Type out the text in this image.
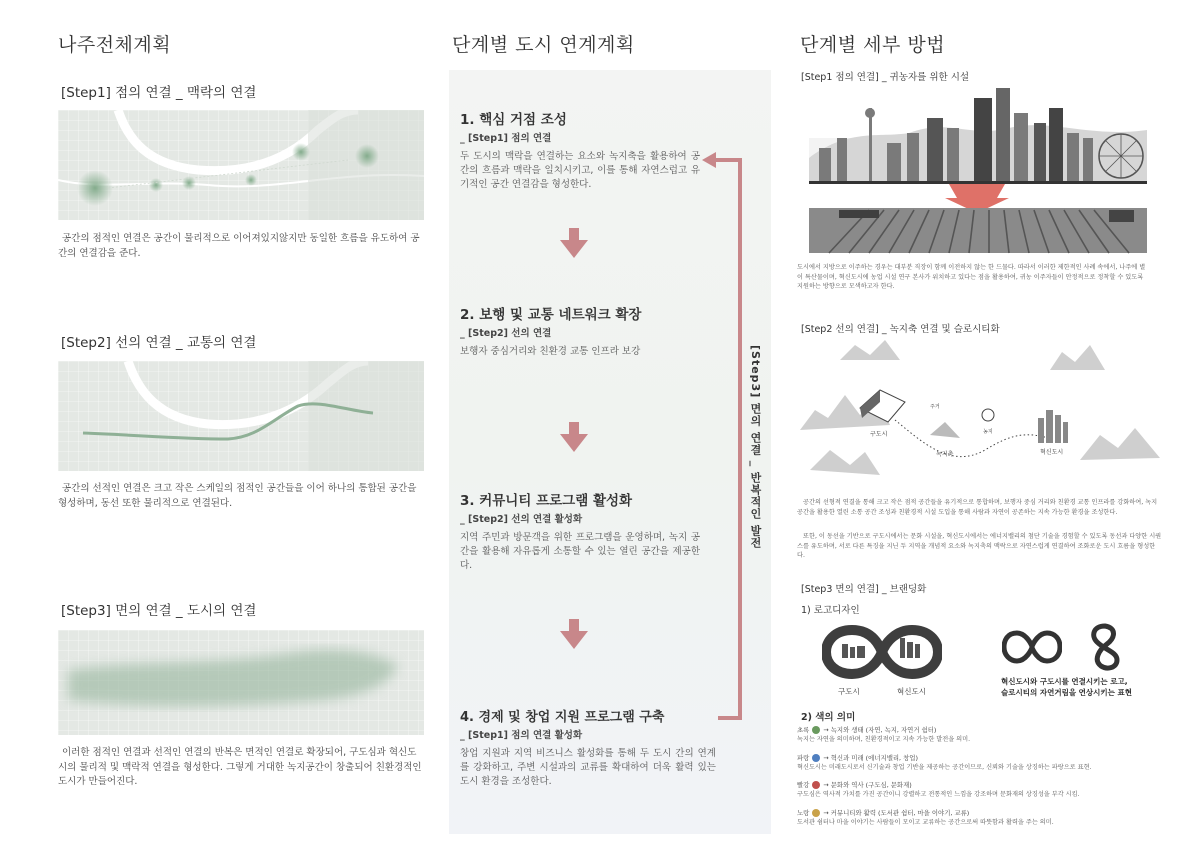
나주전체계획
[Step1] 점의 연결 _ 맥락의 연결
공간의 점적인 연결은 공간이 물리적으로 이어져있지않지만 동일한 흐름을 유도하여 공간의 연결감을 준다.
[Step2] 선의 연결 _ 교통의 연결
공간의 선적인 연결은 크고 작은 스케일의 점적인 공간들을 이어 하나의 통합된 공간을 형성하며, 동선 또한 물리적으로 연결된다.
[Step3] 면의 연결 _ 도시의 연결
이러한 점적인 연결과 선적인 연결의 반복은 면적인 연결로 확장되어, 구도심과 혁신도시의 물리적 및 맥락적 연결을 형성한다. 그렇게 거대한 녹지공간이 창출되어 친환경적인 도시가 만들어진다.
단계별 도시 연계계획
1. 핵심 거점 조성
_ [Step1] 점의 연결
두 도시의 맥락을 연결하는 요소와 녹지축을 활용하여 공간의 흐름과 맥락을 일치시키고, 이를 통해 자연스럽고 유기적인 공간 연결감을 형성한다.
2. 보행 및 교통 네트워크 확장
_ [Step2] 선의 연결
보행자 중심거리와 친환경 교통 인프라 보강
3. 커뮤니티 프로그램 활성화
_ [Step2] 선의 연결 활성화
지역 주민과 방문객을 위한 프로그램을 운영하며, 녹지 공간을 활용해 자유롭게 소통할 수 있는 열린 공간을 제공한다.
4. 경제 및 창업 지원 프로그램 구축
_ [Step1] 점의 연결 활성화
창업 지원과 지역 비즈니스 활성화를 통해 두 도시 간의 연계를 강화하고, 주변 시설과의 교류를 확대하여 더욱 활력 있는 도시 환경을 조성한다.
[Step3] 면의 연결 _ 반복적인 발전
단계별 세부 방법
[Step1 점의 연결] _ 귀농자를 위한 시설
도시에서 지방으로 이주하는 경우는 대부분 직장이 함께 이전하지 않는 한 드물다. 따라서 이러한 제한적인 사례 속에서, 나주에 별이 특산물이며, 혁신도시에 농업 시설 연구 본사가 위치하고 있다는 점을 활용하여, 귀농 이주자들이 안정적으로 정착할 수 있도록 지원하는 방향으로 모색하고자 한다.
[Step2 선의 연결] _ 녹지축 연결 및 슬로시티화
구도시
녹지축
농지
주거
혁신도시
공간의 선형적 연결을 통해 크고 작은 점적 공간들을 유기적으로 통합하며, 보행자 중심 거리와 친환경 교통 인프라를 강화하여, 녹지 공간을 활용한 열린 소통 공간 조성과 친환경적 시설 도입을 통해 사람과 자연이 공존하는 지속 가능한 환경을 조성한다.
또한, 이 동선을 기반으로 구도시에서는 문화 시설을, 혁신도시에서는 에너지밸리의 첨단 기술을 경험할 수 있도록 동선과 다양한 시퀀스를 유도하며, 서로 다른 특징을 지닌 두 지역을 개념적 요소와 녹지축의 맥락으로 자연스럽게 연결하여 조화로운 도시 흐름을 형성한다.
[Step3 면의 연결] _ 브랜딩화
1) 로고디자인
구도시	혁신도시
혁신도시와 구도시를 연결시키는 로고,
슬로시티의 자연거림을 연상시키는 표현
2) 색의 의미
초록 → 녹지와 생태 (자연, 녹지, 자연거 쉼터)
녹지는 자연을 의미하며, 친환경적이고 지속 가능한 발전을 의미.
파랑 → 혁신과 미래 (에너지밸리, 창업)
혁신도시는 미래도시로서 신기술과 창업 기반을 제공하는 공간이므로, 신뢰와 기술을 상징하는 파랑으로 표현.
빨강 → 문화와 역사 (구도심, 문화재)
구도심은 역사적 가치를 가진 공간이니 강렬하고 전통적인 느낌을 강조하며 문화재의 상징성을 부각 시킴.
노랑 → 커뮤니티와 활력 (도서관 쉼터, 마을 이야기, 교류)
도서관 쉼터나 마을 이야기는 사람들이 모이고 교류하는 공간으로써 따뜻함과 활력을 주는 의미.
